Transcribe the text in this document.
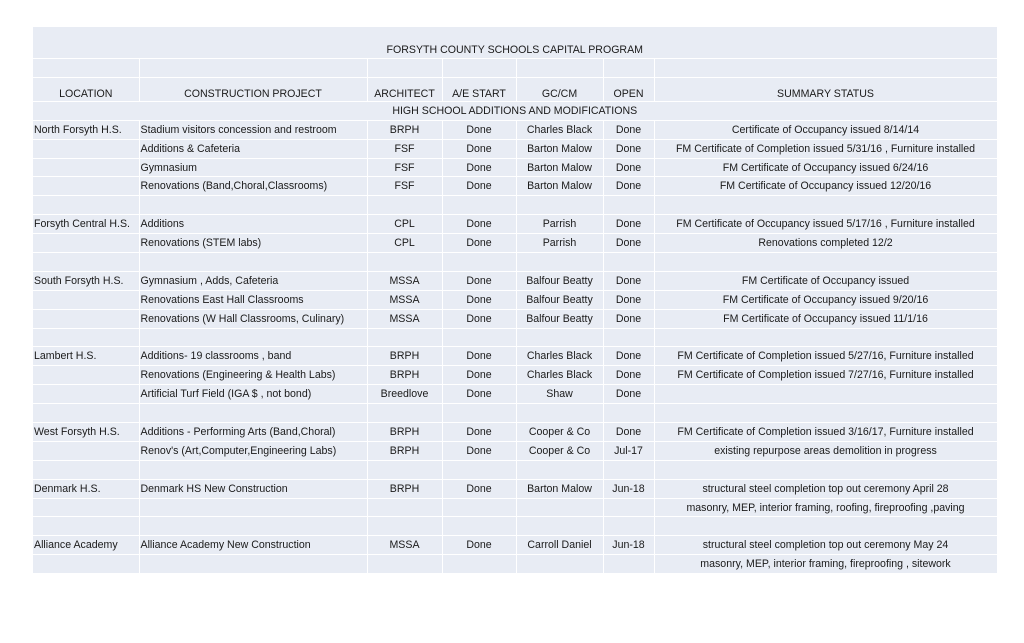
FORSYTH COUNTY SCHOOLS CAPITAL PROGRAM						

LOCATION	CONSTRUCTION PROJECT	ARCHITECT	A/E START	GC/CM	OPEN	SUMMARY STATUS
HIGH SCHOOL ADDITIONS AND MODIFICATIONS						
North Forsyth H.S.	Stadium visitors concession and restroom	BRPH	Done	Charles Black	Done	Certificate of Occupancy issued 8/14/14
	Additions & Cafeteria	FSF	Done	Barton Malow	Done	FM Certificate of Completion issued 5/31/16 , Furniture installed
	Gymnasium	FSF	Done	Barton Malow	Done	FM Certificate of Occupancy issued 6/24/16
	Renovations (Band,Choral,Classrooms)	FSF	Done	Barton Malow	Done	FM Certificate of Occupancy issued 12/20/16

Forsyth Central H.S.	Additions	CPL	Done	Parrish	Done	FM Certificate of Occupancy issued 5/17/16 , Furniture installed
	Renovations (STEM labs)	CPL	Done	Parrish	Done	Renovations completed 12/2

South Forsyth H.S.	Gymnasium , Adds, Cafeteria	MSSA	Done	Balfour Beatty	Done	FM Certificate of Occupancy issued
	Renovations East Hall Classrooms	MSSA	Done	Balfour Beatty	Done	FM Certificate of Occupancy issued 9/20/16
	Renovations (W Hall Classrooms, Culinary)	MSSA	Done	Balfour Beatty	Done	FM Certificate of Occupancy issued 11/1/16

Lambert H.S.	Additions- 19 classrooms , band	BRPH	Done	Charles Black	Done	FM Certificate of Completion issued 5/27/16, Furniture installed
	Renovations (Engineering & Health Labs)	BRPH	Done	Charles Black	Done	FM Certificate of Completion issued 7/27/16, Furniture installed
	Artificial Turf Field (IGA $ , not bond)	Breedlove	Done	Shaw	Done	

West Forsyth H.S.	Additions - Performing Arts (Band,Choral)	BRPH	Done	Cooper & Co	Done	FM Certificate of Completion issued 3/16/17, Furniture installed
	Renov's (Art,Computer,Engineering Labs)	BRPH	Done	Cooper & Co	Jul-17	existing repurpose areas demolition in progress

Denmark H.S.	Denmark HS New Construction	BRPH	Done	Barton Malow	Jun-18	structural steel completion top out ceremony April 28
						masonry, MEP, interior framing, roofing, fireproofing ,paving

Alliance Academy	Alliance Academy New Construction	MSSA	Done	Carroll Daniel	Jun-18	structural steel completion top out ceremony May 24
						masonry, MEP, interior framing, fireproofing , sitework
